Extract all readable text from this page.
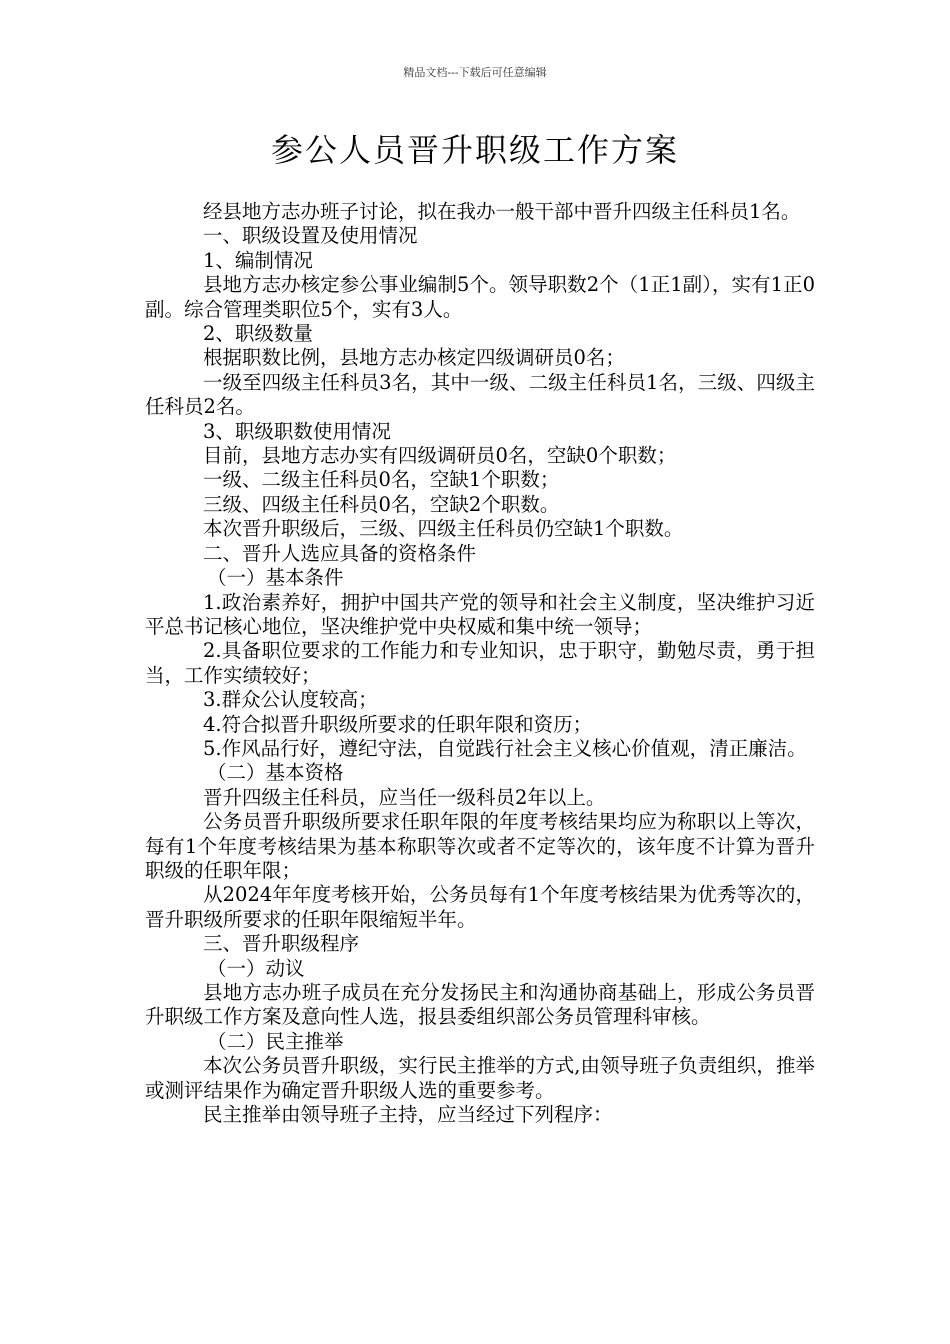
精品文档---下载后可任意编辑
参公人员晋升职级工作方案

经县地方志办班子讨论，拟在我办一般干部中晋升四级主任科员1名。

一、职级设置及使用情况

1、编制情况

县地方志办核定参公事业编制5个。领导职数2个（1正1副），实有1正0副。综合管理类职位5个，实有3人。

2、职级数量

根据职数比例，县地方志办核定四级调研员0名；

一级至四级主任科员3名，其中一级、二级主任科员1名，三级、四级主任科员2名。

3、职级职数使用情况

目前，县地方志办实有四级调研员0名，空缺0个职数；

一级、二级主任科员0名，空缺1个职数；

三级、四级主任科员0名，空缺2个职数。

本次晋升职级后，三级、四级主任科员仍空缺1个职数。

二、晋升人选应具备的资格条件

（一）基本条件

1.政治素养好，拥护中国共产党的领导和社会主义制度，坚决维护习近平总书记核心地位，坚决维护党中央权威和集中统一领导；

2.具备职位要求的工作能力和专业知识，忠于职守，勤勉尽责，勇于担当，工作实绩较好；

3.群众公认度较高；

4.符合拟晋升职级所要求的任职年限和资历；

5.作风品行好，遵纪守法，自觉践行社会主义核心价值观，清正廉洁。

（二）基本资格

晋升四级主任科员，应当任一级科员2年以上。

公务员晋升职级所要求任职年限的年度考核结果均应为称职以上等次，每有1个年度考核结果为基本称职等次或者不定等次的，该年度不计算为晋升职级的任职年限；

从2024年年度考核开始，公务员每有1个年度考核结果为优秀等次的，晋升职级所要求的任职年限缩短半年。

三、晋升职级程序

（一）动议

县地方志办班子成员在充分发扬民主和沟通协商基础上，形成公务员晋升职级工作方案及意向性人选，报县委组织部公务员管理科审核。

（二）民主推举

本次公务员晋升职级，实行民主推举的方式,由领导班子负责组织，推举或测评结果作为确定晋升职级人选的重要参考。

民主推举由领导班子主持，应当经过下列程序：
